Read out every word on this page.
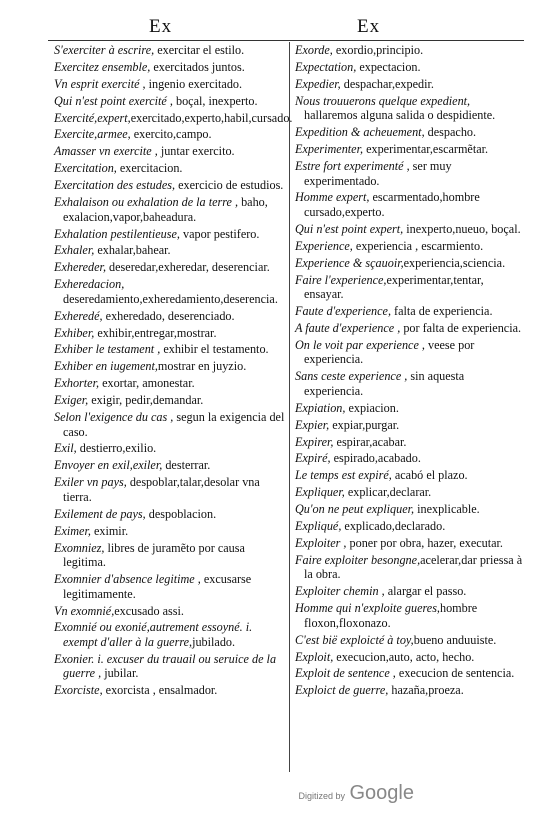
Ex	Ex

S'exerciter à escrire, exercitar el estilo.

Exercitez ensemble, exercitados juntos.

Vn esprit exercité , ingenio exercitado.

Qui n'est point exercité , boçal, inexperto.

Exercité,expert,exercitado,experto,habil,cursado.

Exercite,armee, exercito,campo.

Amasser vn exercite , juntar exercito.

Exercitation, exercitacion.

Exercitation des estudes, exercicio de estudios.

Exhalaison ou exhalation de la terre , baho, exalacion,vapor,baheadura.

Exhalation pestilentieuse, vapor pestifero.

Exhaler, exhalar,bahear.

Exhereder, deseredar,exheredar, deserenciar.

Exheredacion, deseredamiento,exheredamiento,deserencia.

Exheredé, exheredado, deserenciado.

Exhiber, exhibir,entregar,mostrar.

Exhiber le testament , exhibir el testamento.

Exhiber en iugement,mostrar en juyzio.

Exhorter, exortar, amonestar.

Exiger, exigir, pedir,demandar.

Selon l'exigence du cas , segun la exigencia del caso.

Exil, destierro,exilio.

Envoyer en exil,exiler, desterrar.

Exiler vn pays, despoblar,talar,desolar vna tierra.

Exilement de pays, despoblacion.

Eximer, eximir.

Exomniez, libres de juramẽto por causa legitima.

Exomnier d'absence legitime , excusarse legitimamente.

Vn exomnié,excusado assi.

Exomnié ou exonié,autrement essoyné. i. exempt d'aller à la guerre,jubilado.

Exonier. i. excuser du trauail ou seruice de la guerre , jubilar.

Exorciste, exorcista , ensalmador.

Exorde, exordio,principio.

Expectation, expectacion.

Expedier, despachar,expedir.

Nous trouuerons quelque expedient, hallaremos alguna salida o despidiente.

Expedition & acheuement, despacho.

Experimenter, experimentar,escarmẽtar.

Estre fort experimenté , ser muy experimentado.

Homme expert, escarmentado,hombre cursado,experto.

Qui n'est point expert, inexperto,nueuo, boçal.

Experience, experiencia , escarmiento.

Experience & sçauoir,experiencia,sciencia.

Faire l'experience,experimentar,tentar, ensayar.

Faute d'experience, falta de experiencia.

A faute d'experience , por falta de experiencia.

On le voit par experience , veese por experiencia.

Sans ceste experience , sin aquesta experiencia.

Expiation, expiacion.

Expier, expiar,purgar.

Expirer, espirar,acabar.

Expiré, espirado,acabado.

Le temps est expiré, acabó el plazo.

Expliquer, explicar,declarar.

Qu'on ne peut expliquer, inexplicable.

Expliqué, explicado,declarado.

Exploiter , poner por obra, hazer, executar.

Faire exploiter besongne,acelerar,dar priessa à la obra.

Exploiter chemin , alargar el passo.

Homme qui n'exploite gueres,hombre floxon,floxonazo.

C'est bië exploicté à toy,bueno anduuiste.

Exploit, execucion,auto, acto, hecho.

Exploit de sentence , execucion de sentencia.

Exploict de guerre, hazaña,proeza.

Digitized by Google
